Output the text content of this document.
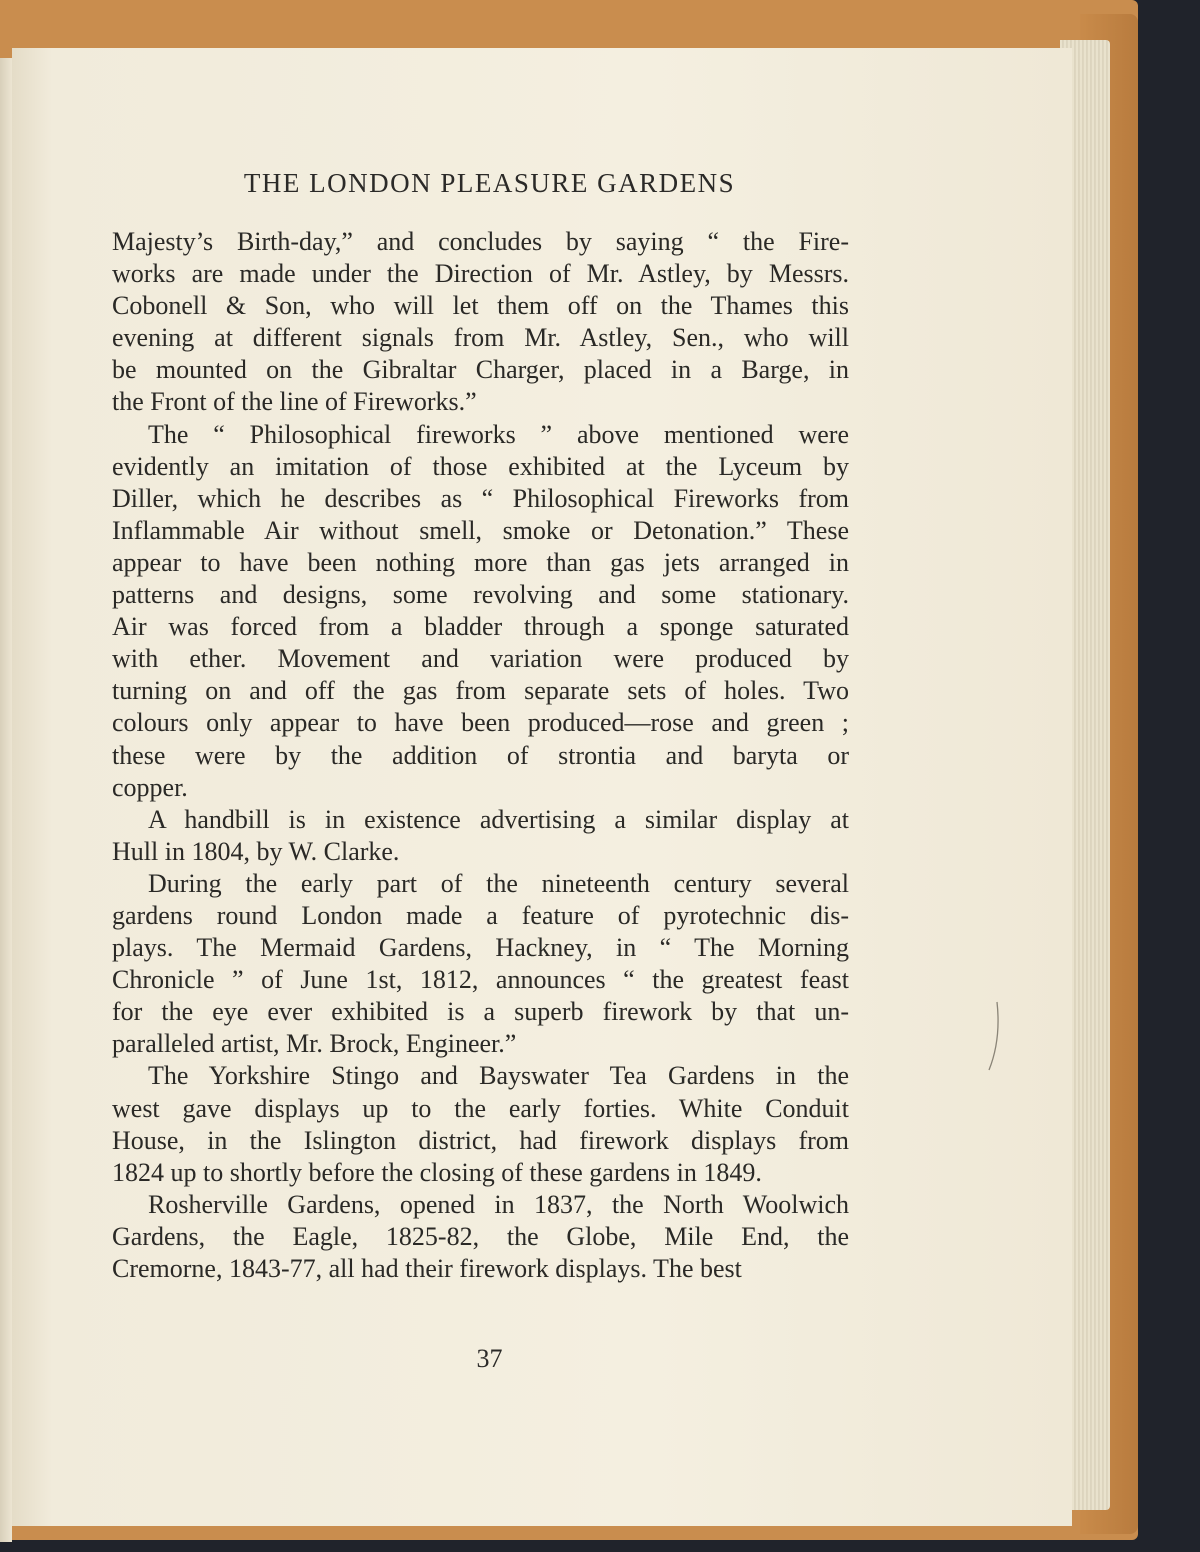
THE LONDON PLEASURE GARDENS

Majesty’s Birth-day,” and concludes by saying “ the Fire-

works are made under the Direction of Mr. Astley, by Messrs.

Cobonell & Son, who will let them off on the Thames this

evening at different signals from Mr. Astley, Sen., who will

be mounted on the Gibraltar Charger, placed in a Barge, in

the Front of the line of Fireworks.”

The “ Philosophical fireworks ” above mentioned were

evidently an imitation of those exhibited at the Lyceum by

Diller, which he describes as “ Philosophical Fireworks from

Inflammable Air without smell, smoke or Detonation.” These

appear to have been nothing more than gas jets arranged in

patterns and designs, some revolving and some stationary.

Air was forced from a bladder through a sponge saturated

with ether. Movement and variation were produced by

turning on and off the gas from separate sets of holes. Two

colours only appear to have been produced—rose and green ;

these were by the addition of strontia and baryta or

copper.

A handbill is in existence advertising a similar display at

Hull in 1804, by W. Clarke.

During the early part of the nineteenth century several

gardens round London made a feature of pyrotechnic dis-

plays. The Mermaid Gardens, Hackney, in “ The Morning

Chronicle ” of June 1st, 1812, announces “ the greatest feast

for the eye ever exhibited is a superb firework by that un-

paralleled artist, Mr. Brock, Engineer.”

The Yorkshire Stingo and Bayswater Tea Gardens in the

west gave displays up to the early forties. White Conduit

House, in the Islington district, had firework displays from

1824 up to shortly before the closing of these gardens in 1849.

Rosherville Gardens, opened in 1837, the North Woolwich

Gardens, the Eagle, 1825-82, the Globe, Mile End, the

Cremorne, 1843-77, all had their firework displays. The best

37
